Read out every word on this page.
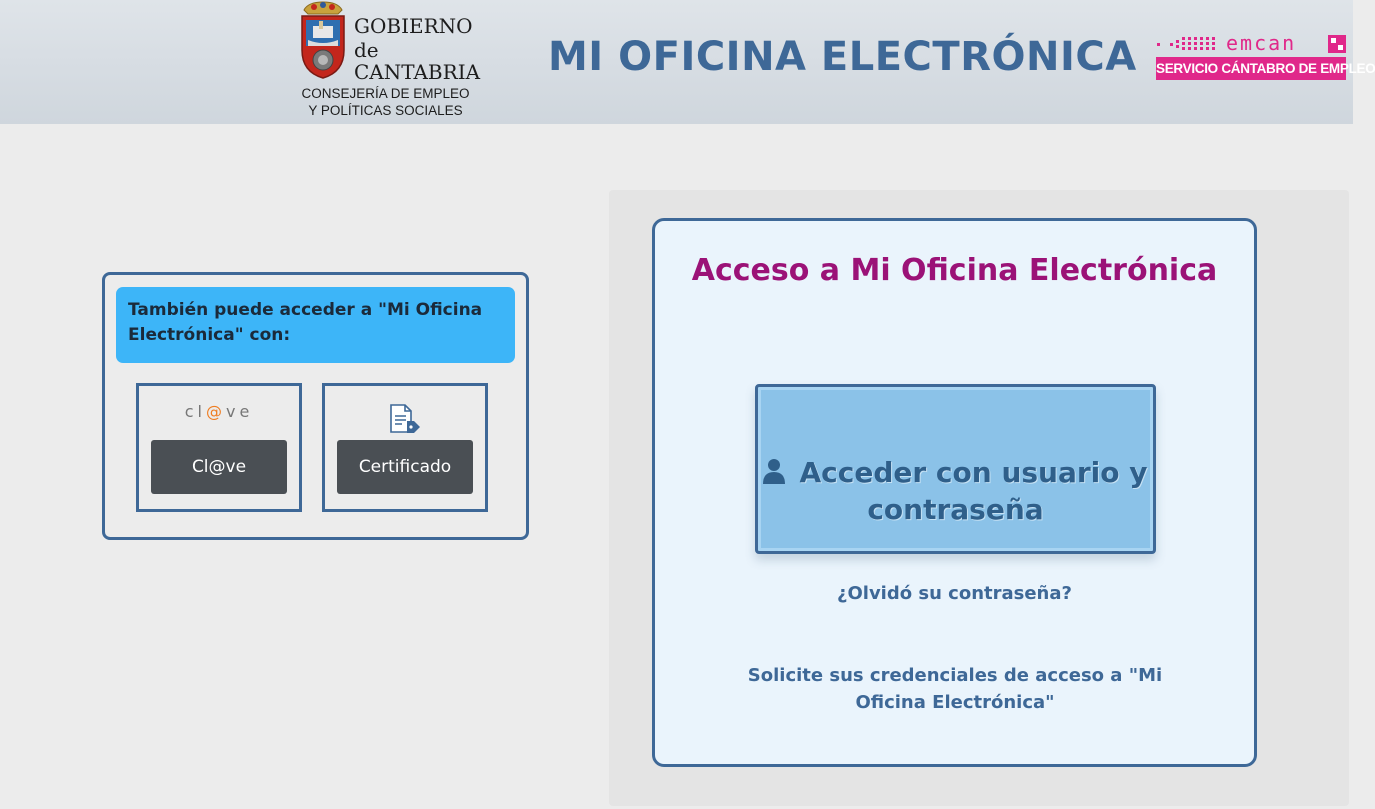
GOBIERNO
de
CANTABRIA
CONSEJERÍA DE EMPLEO
Y POLÍTICAS SOCIALES
MI OFICINA ELECTRÓNICA	emcan
SERVICIO CÁNTABRO DE EMPLEO
También puede acceder a "Mi Oficina Electrónica" con:
cl@ve
Cl@ve	Certificado
Acceso a Mi Oficina Electrónica
Acceder con usuario y contraseña
¿Olvidó su contraseña?
Solicite sus credenciales de acceso a "Mi Oficina Electrónica"
